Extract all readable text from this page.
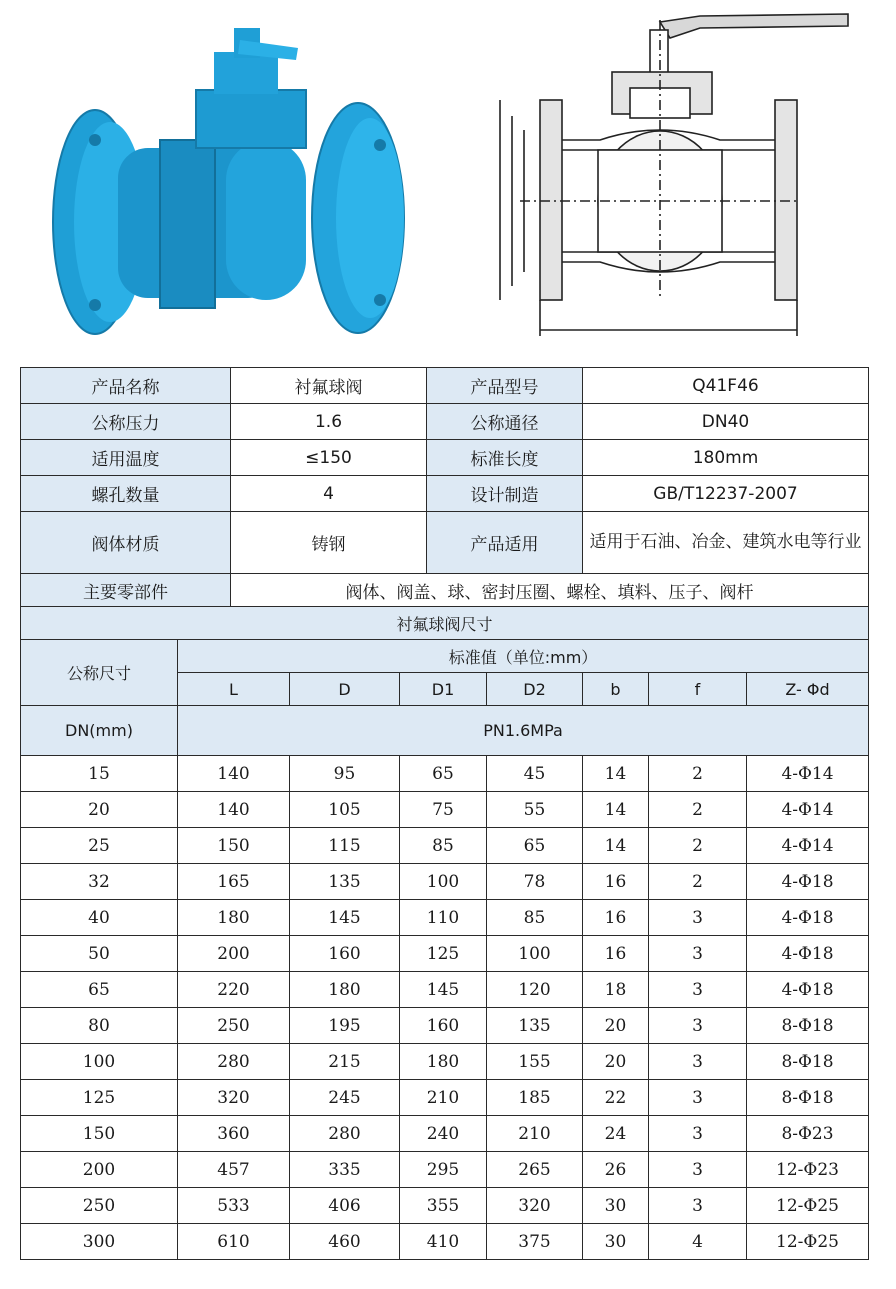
产品名称	衬氟球阀	产品型号	Q41F46
公称压力	1.6	公称通径	DN40
适用温度	≤150	标准长度	180mm
螺孔数量	4	设计制造	GB/T12237-2007
阀体材质	铸钢	产品适用	适用于石油、冶金、建筑水电等行业
主要零部件	阀体、阀盖、球、密封压圈、螺栓、填料、压子、阀杆		
衬氟球阀尺寸							
公称尺寸	标准值（单位:mm）						
	L	D	D1	D2	b	f	Z- Φd
DN(mm)	PN1.6MPa						
15	140	95	65	45	14	2	4-Φ14
20	140	105	75	55	14	2	4-Φ14
25	150	115	85	65	14	2	4-Φ14
32	165	135	100	78	16	2	4-Φ18
40	180	145	110	85	16	3	4-Φ18
50	200	160	125	100	16	3	4-Φ18
65	220	180	145	120	18	3	4-Φ18
80	250	195	160	135	20	3	8-Φ18
100	280	215	180	155	20	3	8-Φ18
125	320	245	210	185	22	3	8-Φ18
150	360	280	240	210	24	3	8-Φ23
200	457	335	295	265	26	3	12-Φ23
250	533	406	355	320	30	3	12-Φ25
300	610	460	410	375	30	4	12-Φ25
